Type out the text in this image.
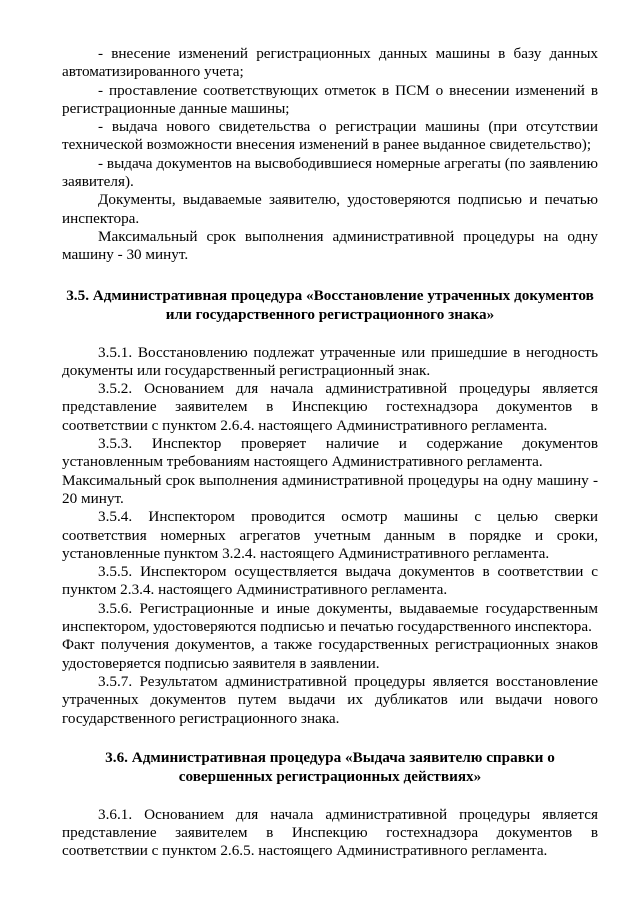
- внесение изменений регистрационных данных машины в базу данных автоматизированного учета;

- проставление соответствующих отметок в ПСМ о внесении изменений в регистрационные данные машины;

- выдача нового свидетельства о регистрации машины (при отсутствии технической возможности внесения изменений в ранее выданное свидетельство);

- выдача документов на высвободившиеся номерные агрегаты (по заявлению заявителя).

Документы, выдаваемые заявителю, удостоверяются подписью и печатью инспектора.

Максимальный срок выполнения административной процедуры на одну машину - 30 минут.

3.5. Административная процедура «Восстановление утраченных документов

или государственного регистрационного знака»

3.5.1. Восстановлению подлежат утраченные или пришедшие в негодность документы или государственный регистрационный знак.

3.5.2. Основанием для начала административной процедуры является представление заявителем в Инспекцию гостехнадзора документов в соответствии с пунктом 2.6.4. настоящего Административного регламента.

3.5.3. Инспектор проверяет наличие и содержание документов установленным требованиям настоящего Административного регламента.

Максимальный срок выполнения административной процедуры на одну машину - 20 минут.

3.5.4. Инспектором проводится осмотр машины с целью сверки соответствия номерных агрегатов учетным данным в порядке и сроки, установленные пунктом 3.2.4. настоящего Административного регламента.

3.5.5. Инспектором осуществляется выдача документов в соответствии с пунктом 2.3.4. настоящего Административного регламента.

3.5.6. Регистрационные и иные документы, выдаваемые государственным инспектором, удостоверяются подписью и печатью государственного инспектора.

Факт получения документов, а также государственных регистрационных знаков удостоверяется подписью заявителя в заявлении.

3.5.7. Результатом административной процедуры является восстановление утраченных документов путем выдачи их дубликатов или выдачи нового государственного регистрационного знака.

3.6. Административная процедура «Выдача заявителю справки о

совершенных регистрационных действиях»

3.6.1. Основанием для начала административной процедуры является представление заявителем в Инспекцию гостехнадзора документов в соответствии с пунктом 2.6.5. настоящего Административного регламента.
